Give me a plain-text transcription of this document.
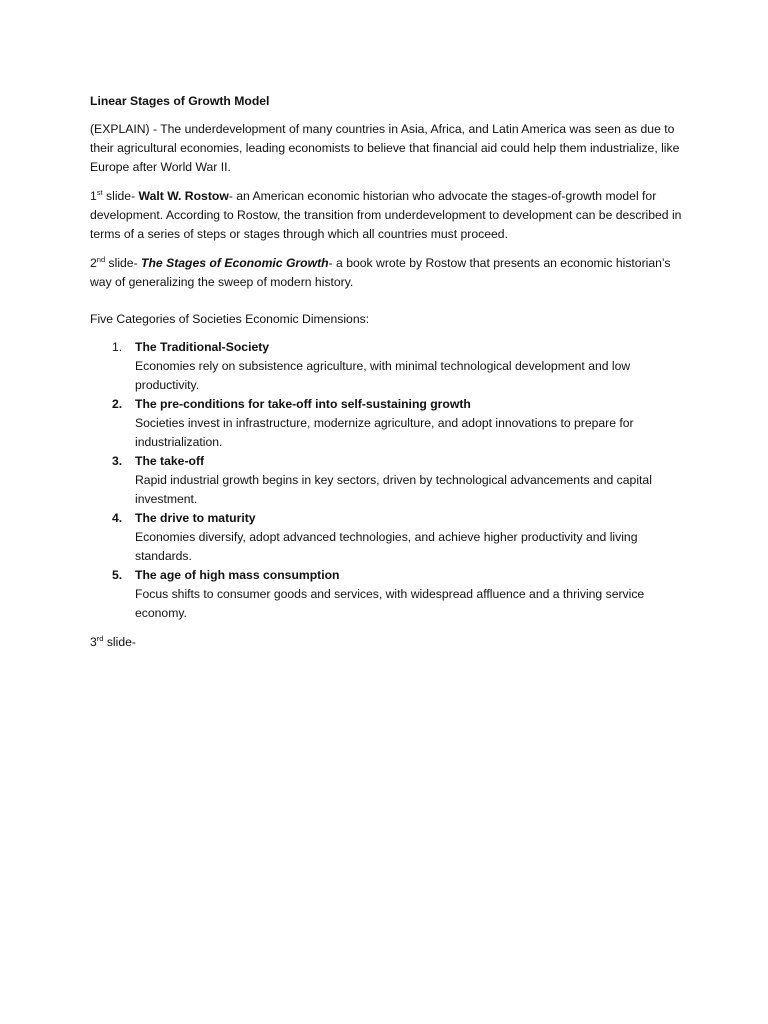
Linear Stages of Growth Model

(EXPLAIN) - The underdevelopment of many countries in Asia, Africa, and Latin America was seen as due to their agricultural economies, leading economists to believe that financial aid could help them industrialize, like Europe after World War II.

1st slide- Walt W. Rostow- an American economic historian who advocate the stages-of-growth model for development. According to Rostow, the transition from underdevelopment to development can be described in terms of a series of steps or stages through which all countries must proceed.

2nd slide- The Stages of Economic Growth- a book wrote by Rostow that presents an economic historian’s way of generalizing the sweep of modern history.

Five Categories of Societies Economic Dimensions:

1. The Traditional-Society
Economies rely on subsistence agriculture, with minimal technological development and low productivity.
2. The pre-conditions for take-off into self-sustaining growth
Societies invest in infrastructure, modernize agriculture, and adopt innovations to prepare for industrialization.
3. The take-off
Rapid industrial growth begins in key sectors, driven by technological advancements and capital investment.
4. The drive to maturity
Economies diversify, adopt advanced technologies, and achieve higher productivity and living standards.
5. The age of high mass consumption
Focus shifts to consumer goods and services, with widespread affluence and a thriving service economy.

3rd slide-
